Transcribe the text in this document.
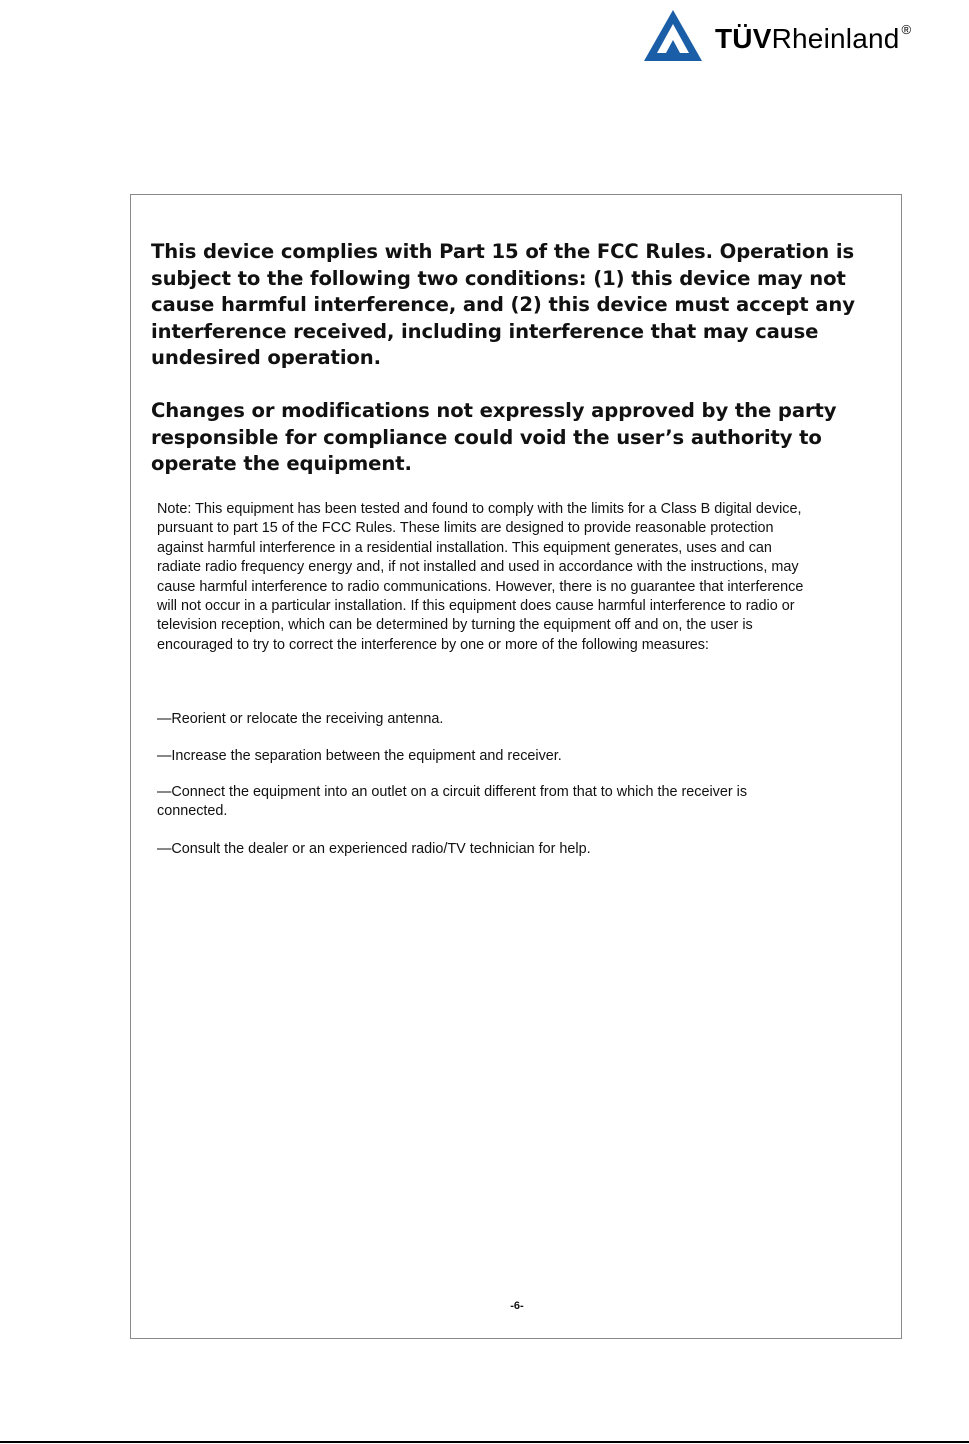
TÜVRheinland ®

This device complies with Part 15 of the FCC Rules. Operation is subject to the following two conditions: (1) this device may not cause harmful interference, and (2) this device must accept any interference received, including interference that may cause undesired operation.

Changes or modifications not expressly approved by the party responsible for compliance could void the user’s authority to operate the equipment.

Note: This equipment has been tested and found to comply with the limits for a Class B digital device, pursuant to part 15 of the FCC Rules. These limits are designed to provide reasonable protection against harmful interference in a residential installation. This equipment generates, uses and can radiate radio frequency energy and, if not installed and used in accordance with the instructions, may cause harmful interference to radio communications. However, there is no guarantee that interference will not occur in a particular installation. If this equipment does cause harmful interference to radio or television reception, which can be determined by turning the equipment off and on, the user is encouraged to try to correct the interference by one or more of the following measures:

—Reorient or relocate the receiving antenna.

—Increase the separation between the equipment and receiver.

—Connect the equipment into an outlet on a circuit different from that to which the receiver is connected.

—Consult the dealer or an experienced radio/TV technician for help.

-6-
